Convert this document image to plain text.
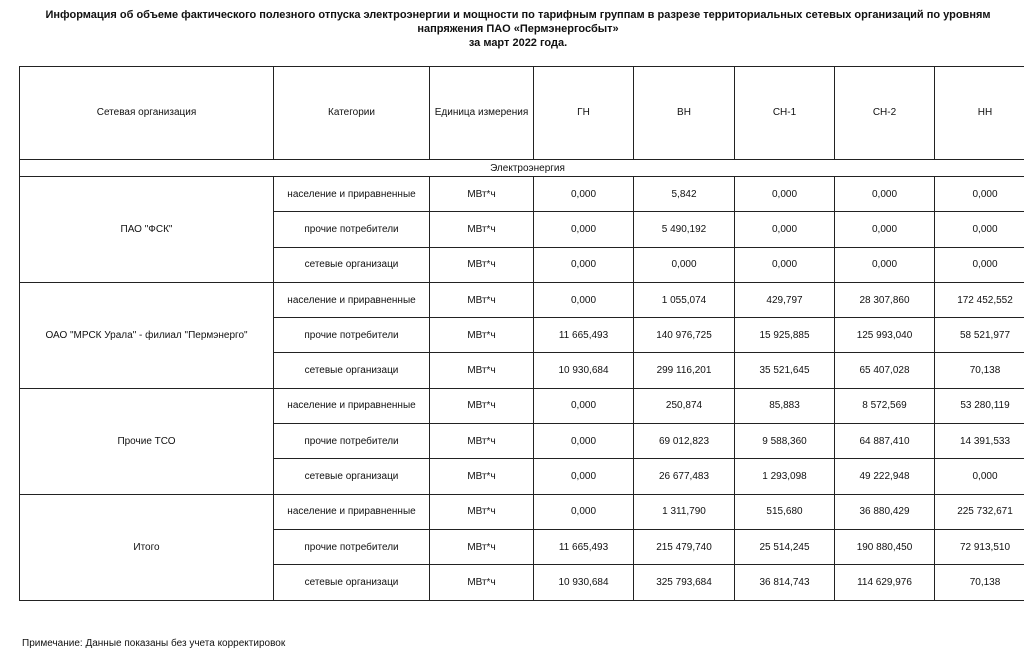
Информация об объеме фактического полезного отпуска электроэнергии и мощности по тарифным группам в разрезе территориальных сетевых организаций по уровням напряжения ПАО «Пермэнергосбыт»
за март 2022 года.
Сетевая организация	Категории	Единица измерения	ГН	ВН	СН-1	СН-2	НН
Электроэнергия							
ПАО "ФСК"	население и приравненные	МВт*ч	0,000	5,842	0,000	0,000	0,000
	прочие потребители	МВт*ч	0,000	5 490,192	0,000	0,000	0,000
	сетевые организаци	МВт*ч	0,000	0,000	0,000	0,000	0,000
ОАО "МРСК Урала" - филиал "Пермэнерго"	население и приравненные	МВт*ч	0,000	1 055,074	429,797	28 307,860	172 452,552
	прочие потребители	МВт*ч	11 665,493	140 976,725	15 925,885	125 993,040	58 521,977
	сетевые организаци	МВт*ч	10 930,684	299 116,201	35 521,645	65 407,028	70,138
Прочие ТСО	население и приравненные	МВт*ч	0,000	250,874	85,883	8 572,569	53 280,119
	прочие потребители	МВт*ч	0,000	69 012,823	9 588,360	64 887,410	14 391,533
	сетевые организаци	МВт*ч	0,000	26 677,483	1 293,098	49 222,948	0,000
Итого	население и приравненные	МВт*ч	0,000	1 311,790	515,680	36 880,429	225 732,671
	прочие потребители	МВт*ч	11 665,493	215 479,740	25 514,245	190 880,450	72 913,510
	сетевые организаци	МВт*ч	10 930,684	325 793,684	36 814,743	114 629,976	70,138
Примечание: Данные показаны без учета корректировок
